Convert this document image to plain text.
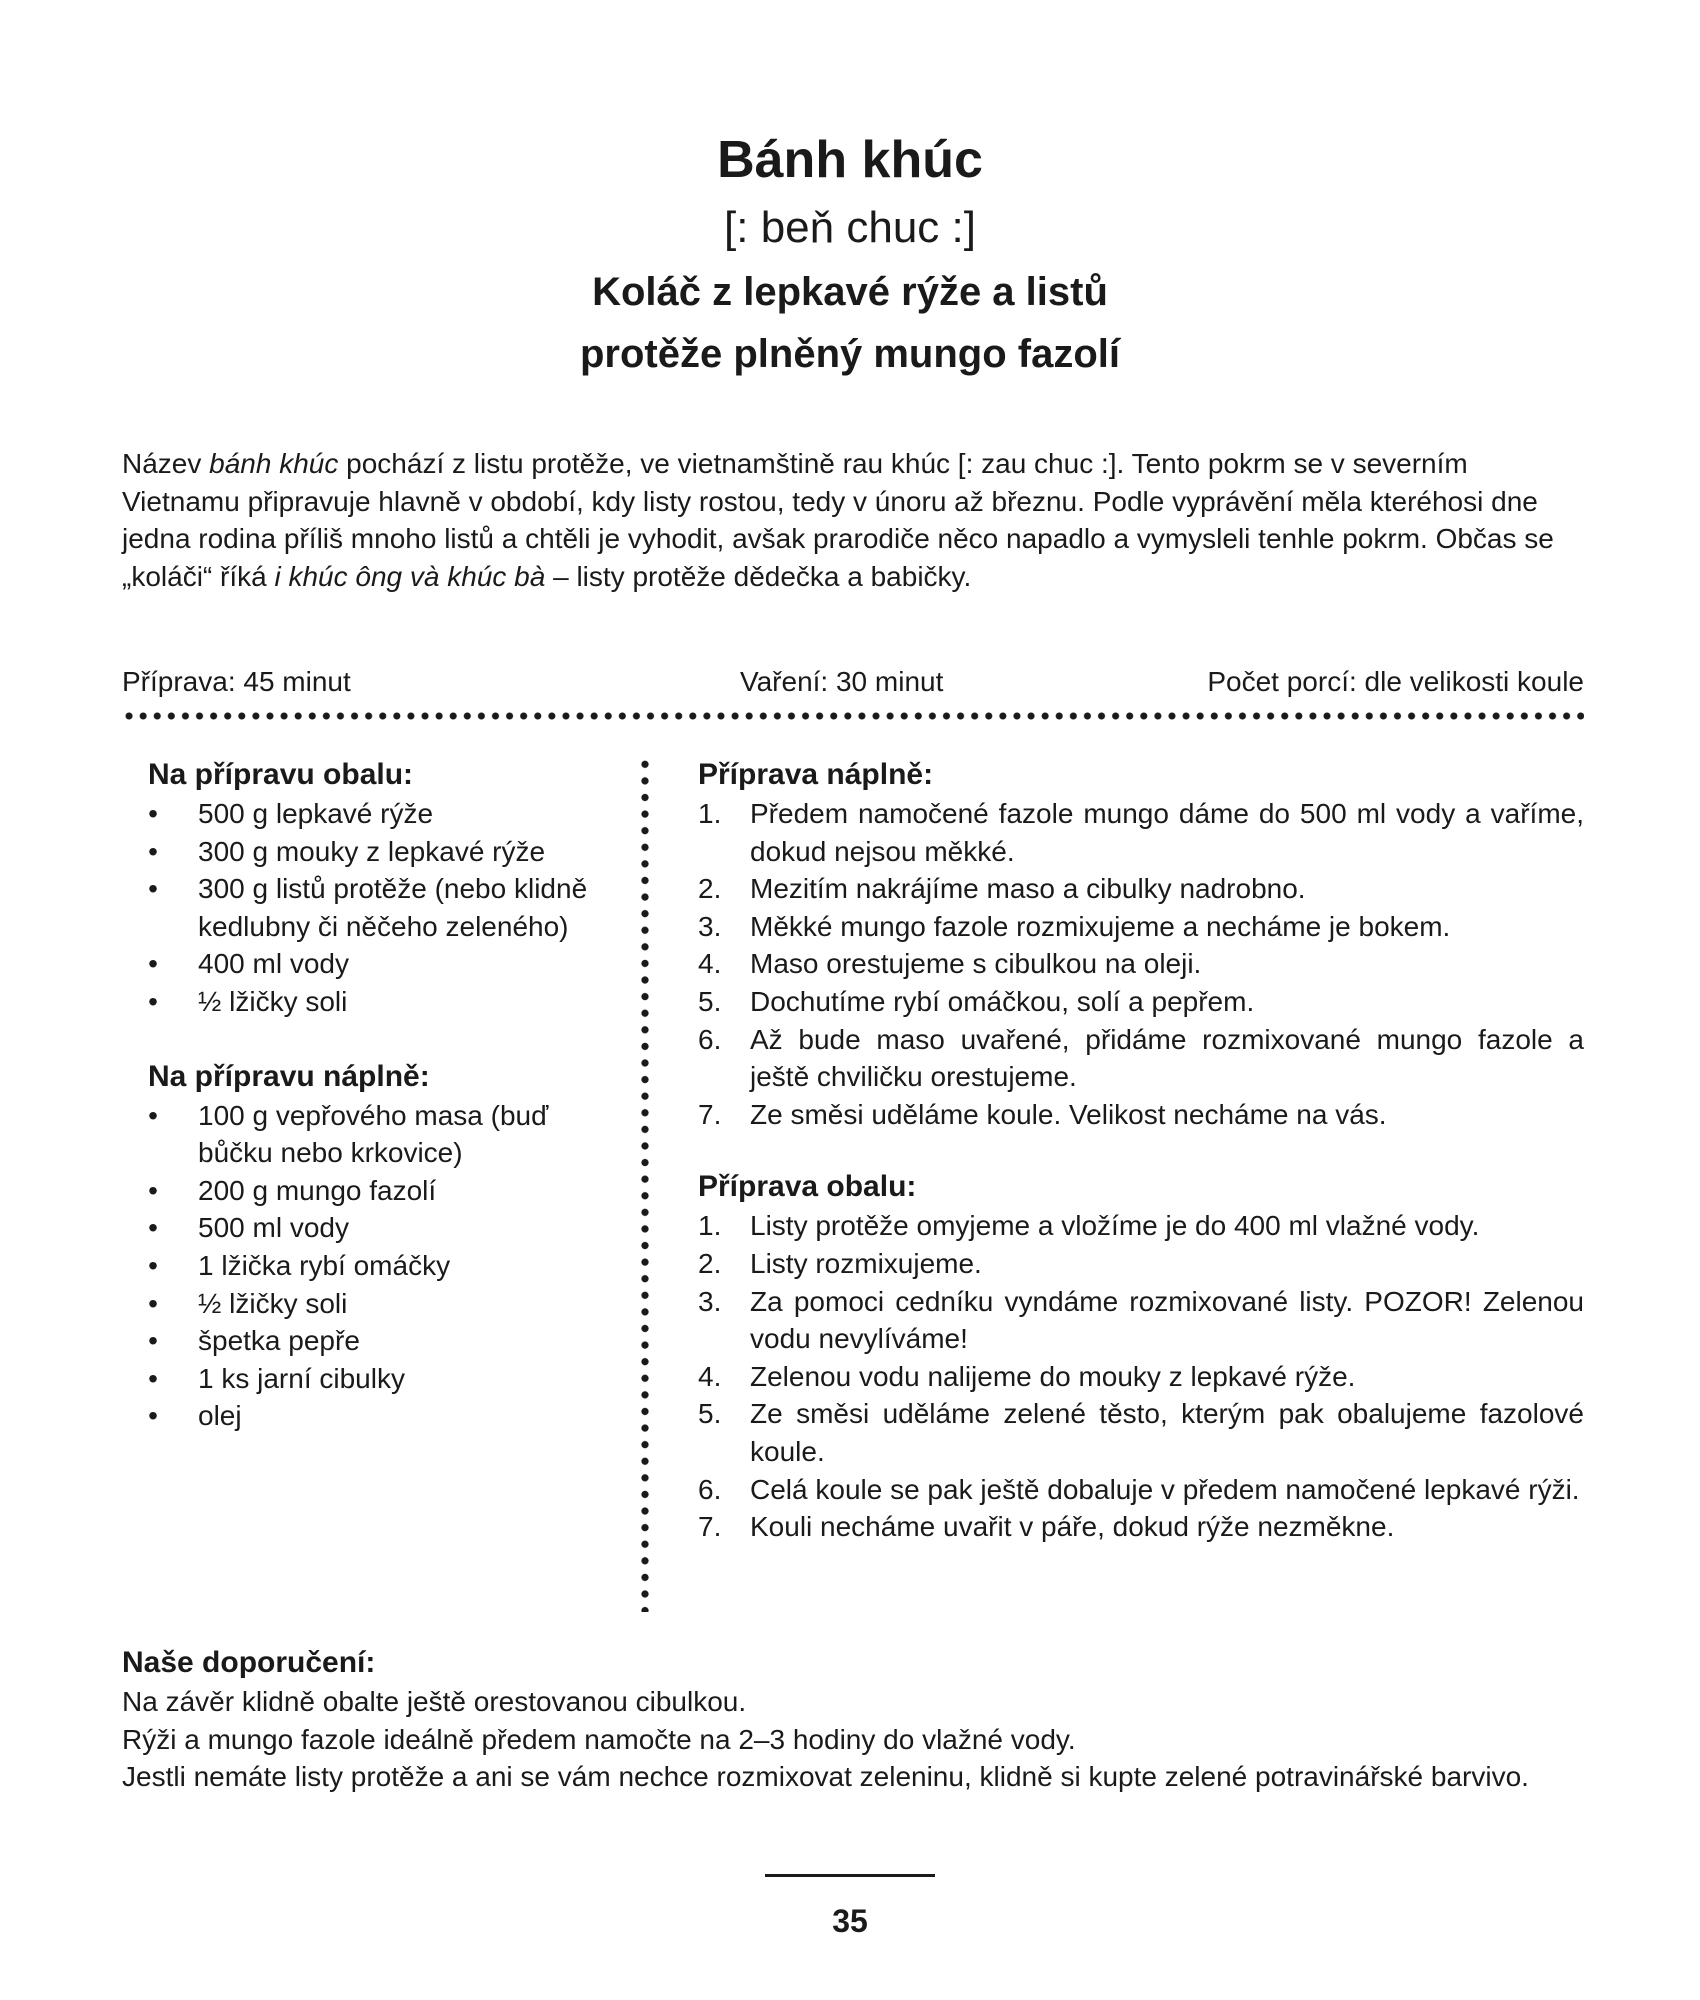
Bánh khúc
[: beň chuc :]
Koláč z lepkavé rýže a listů
protěže plněný mungo fazolí
Název bánh khúc pochází z listu protěže, ve vietnamštině rau khúc [: zau chuc :]. Tento pokrm se v severním Vietnamu připravuje hlavně v období, kdy listy rostou, tedy v únoru až březnu. Podle vyprávění měla kteréhosi dne jedna rodina příliš mnoho listů a chtěli je vyhodit, avšak prarodiče něco napadlo a vymysleli tenhle pokrm. Občas se „koláči“ říká i khúc ông và khúc bà – listy protěže dědečka a babičky.
Příprava: 45 minut	Vaření: 30 minut	Počet porcí: dle velikosti koule
Na přípravu obalu:
• 500 g lepkavé rýže
• 300 g mouky z lepkavé rýže
• 300 g listů protěže (nebo klidně kedlubny či něčeho zeleného)
• 400 ml vody
• ½ lžičky soli
Na přípravu náplně:
• 100 g vepřového masa (buď bůčku nebo krkovice)
• 200 g mungo fazolí
• 500 ml vody
• 1 lžička rybí omáčky
• ½ lžičky soli
• špetka pepře
• 1 ks jarní cibulky
• olej
Příprava náplně:
1. Předem namočené fazole mungo dáme do 500 ml vody a vaříme, dokud nejsou měkké.
2. Mezitím nakrájíme maso a cibulky nadrobno.
3. Měkké mungo fazole rozmixujeme a necháme je bokem.
4. Maso orestujeme s cibulkou na oleji.
5. Dochutíme rybí omáčkou, solí a pepřem.
6. Až bude maso uvařené, přidáme rozmixované mungo fazole a ještě chviličku orestujeme.
7. Ze směsi uděláme koule. Velikost necháme na vás.
Příprava obalu:
1. Listy protěže omyjeme a vložíme je do 400 ml vlažné vody.
2. Listy rozmixujeme.
3. Za pomoci cedníku vyndáme rozmixované listy. POZOR! Zelenou vodu nevylíváme!
4. Zelenou vodu nalijeme do mouky z lepkavé rýže.
5. Ze směsi uděláme zelené těsto, kterým pak obalujeme fazolové koule.
6. Celá koule se pak ještě dobaluje v předem namočené lepkavé rýži.
7. Kouli necháme uvařit v páře, dokud rýže nezměkne.
Naše doporučení:

Na závěr klidně obalte ještě orestovanou cibulkou.

Rýži a mungo fazole ideálně předem namočte na 2–3 hodiny do vlažné vody.

Jestli nemáte listy protěže a ani se vám nechce rozmixovat zeleninu, klidně si kupte zelené potravinářské barvivo.

35
